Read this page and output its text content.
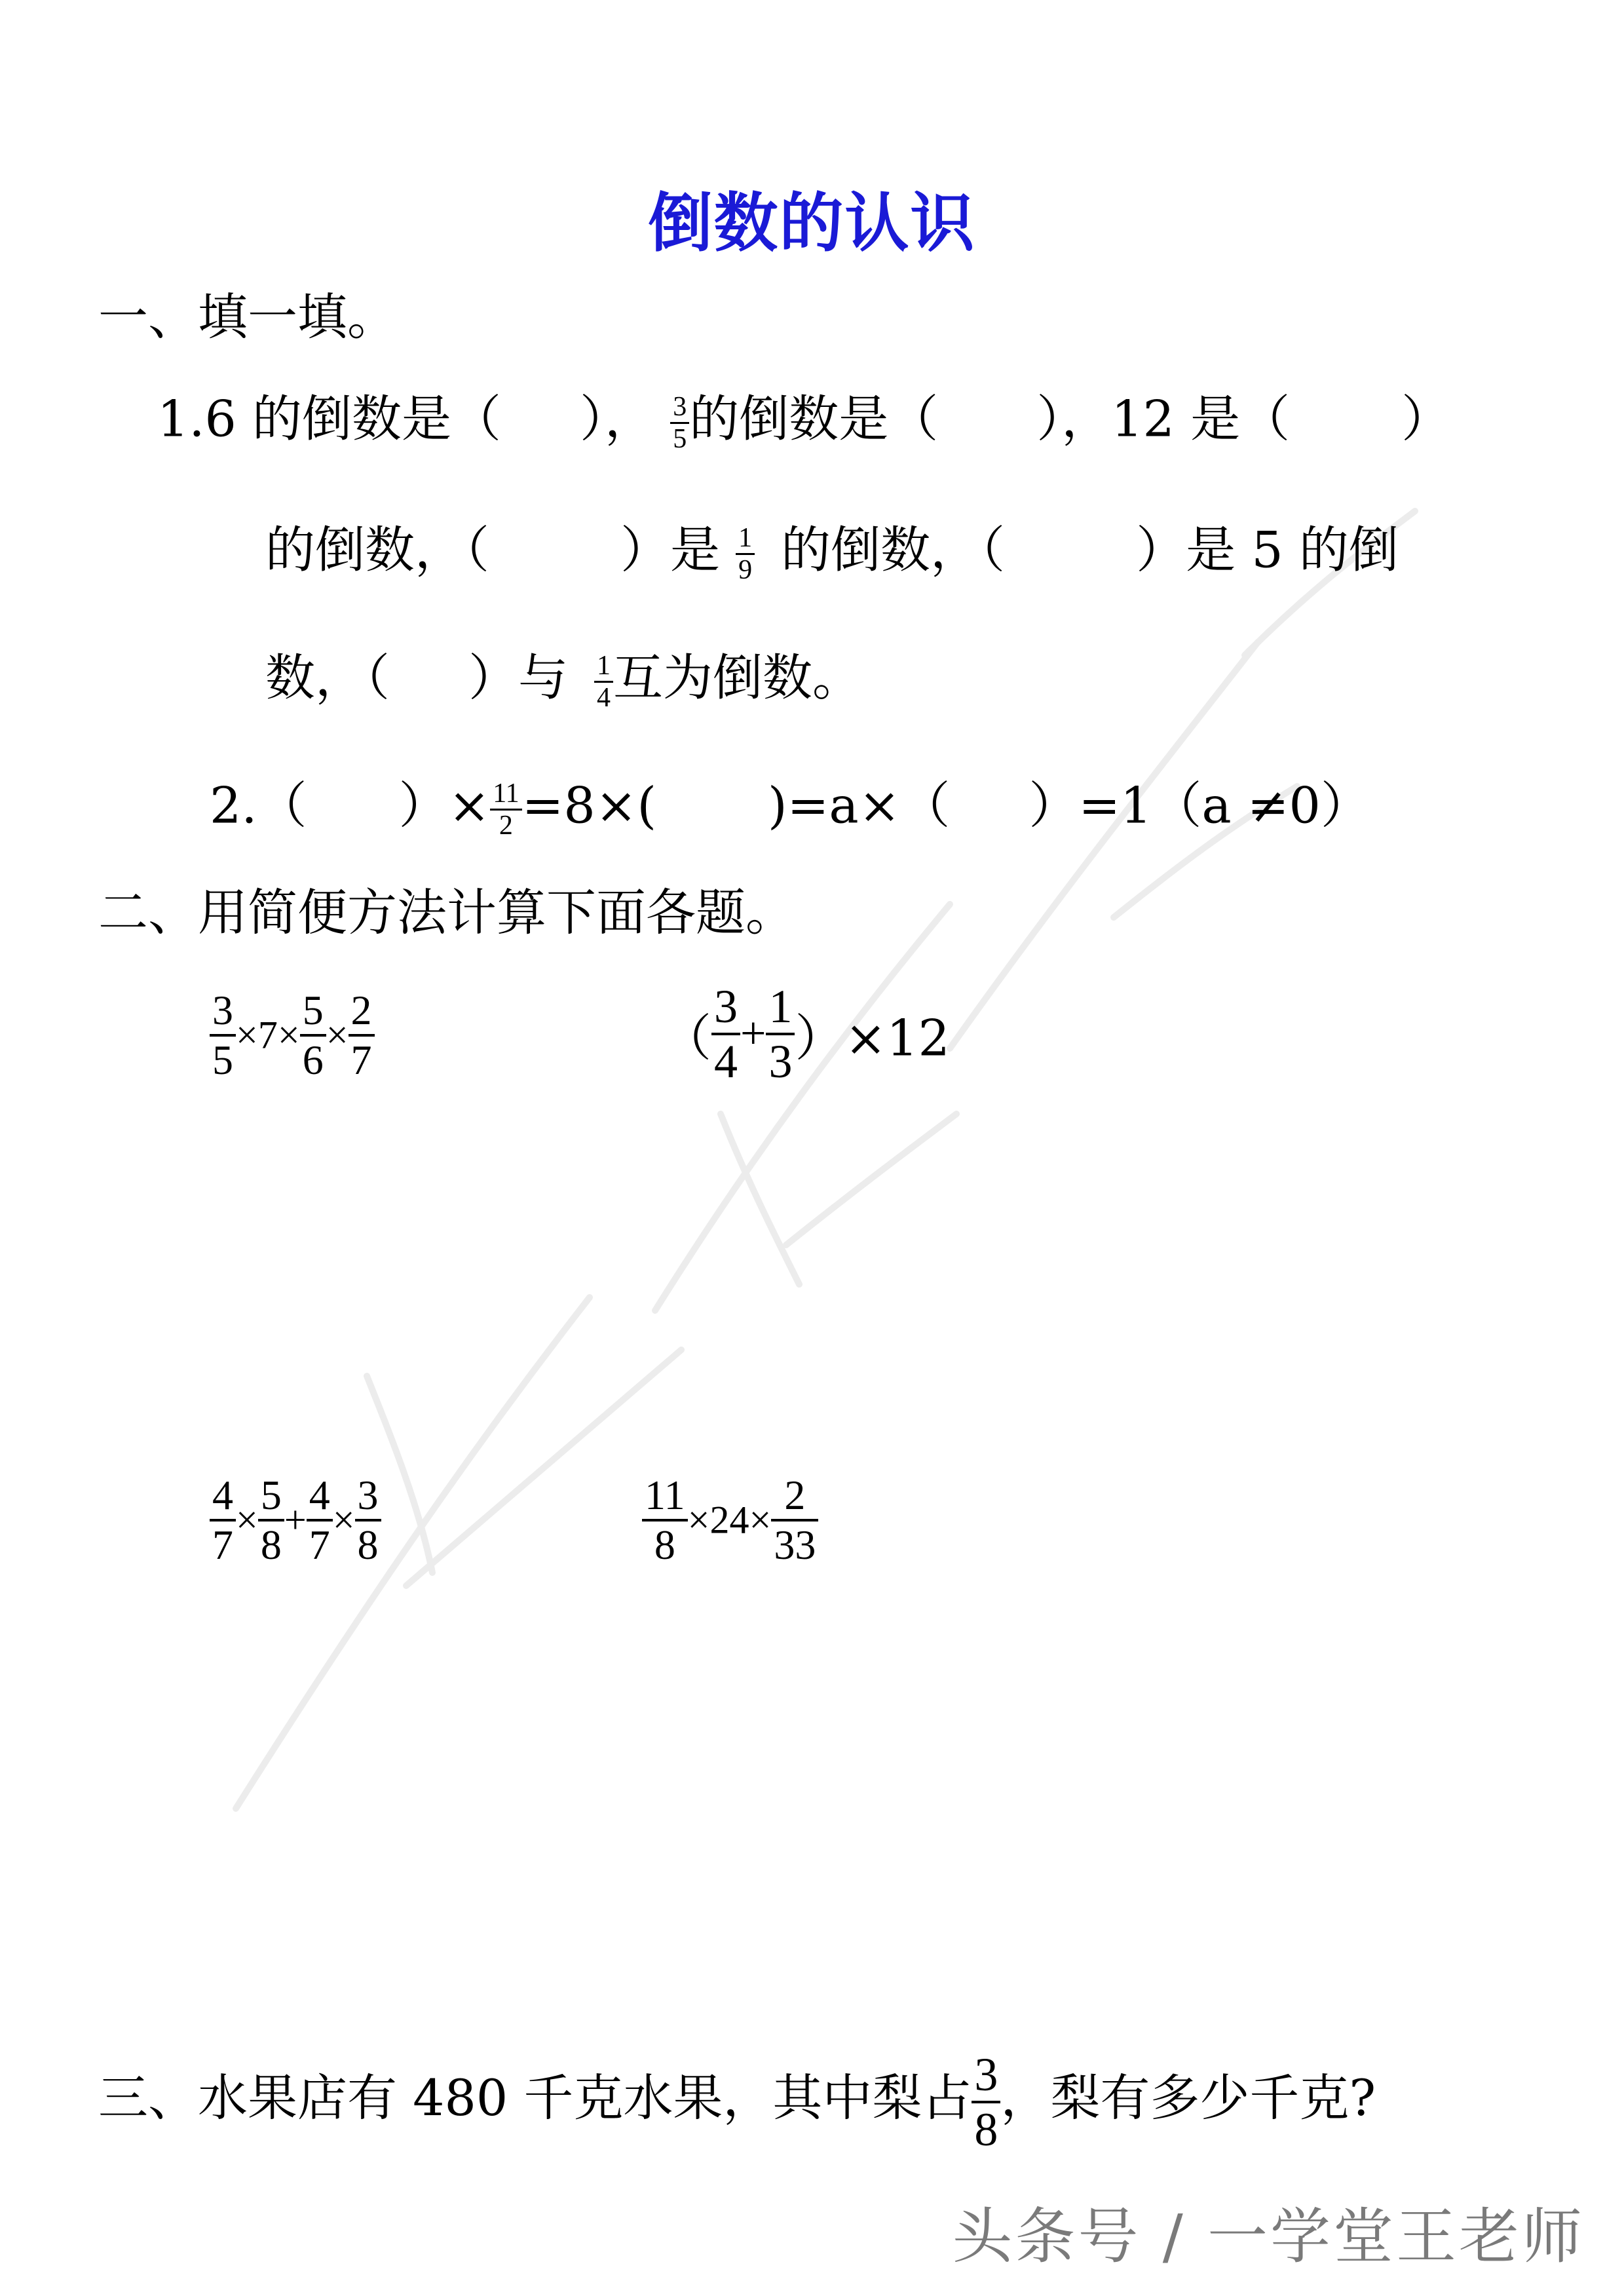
倒数的认识
一、填一填。
1.6 的倒数是（ ）， $\frac{3}{5}$ 的倒数是（ ），12 是（ ）
的倒数，（	）是 $\frac{1}{9}$ 的倒数，（	）是 5 的倒
数，（ ）与 $\frac{1}{4}$ 互为倒数。
2.（ ）× $\frac{11}{2} =8\times$( )=a×（ ）=1（a ≠0）
二、用简便方法计算下面各题。
$\frac{3}{5} \times 7\times \frac{5}{6} \times \frac{2}{7}$	（ $\frac{3}{4} + \frac{1}{3} )\times 12$
$\frac{4}{7} \times \frac{5}{8} + \frac{4}{7} \times \frac{3}{8}$	$\frac{11}{8} \times 24\times \frac{2}{33}$
三、水果店有 480 千克水果，其中梨占 $\frac{3}{8}$ ，梨有多少千克?
头条号 / 一学堂王老师
